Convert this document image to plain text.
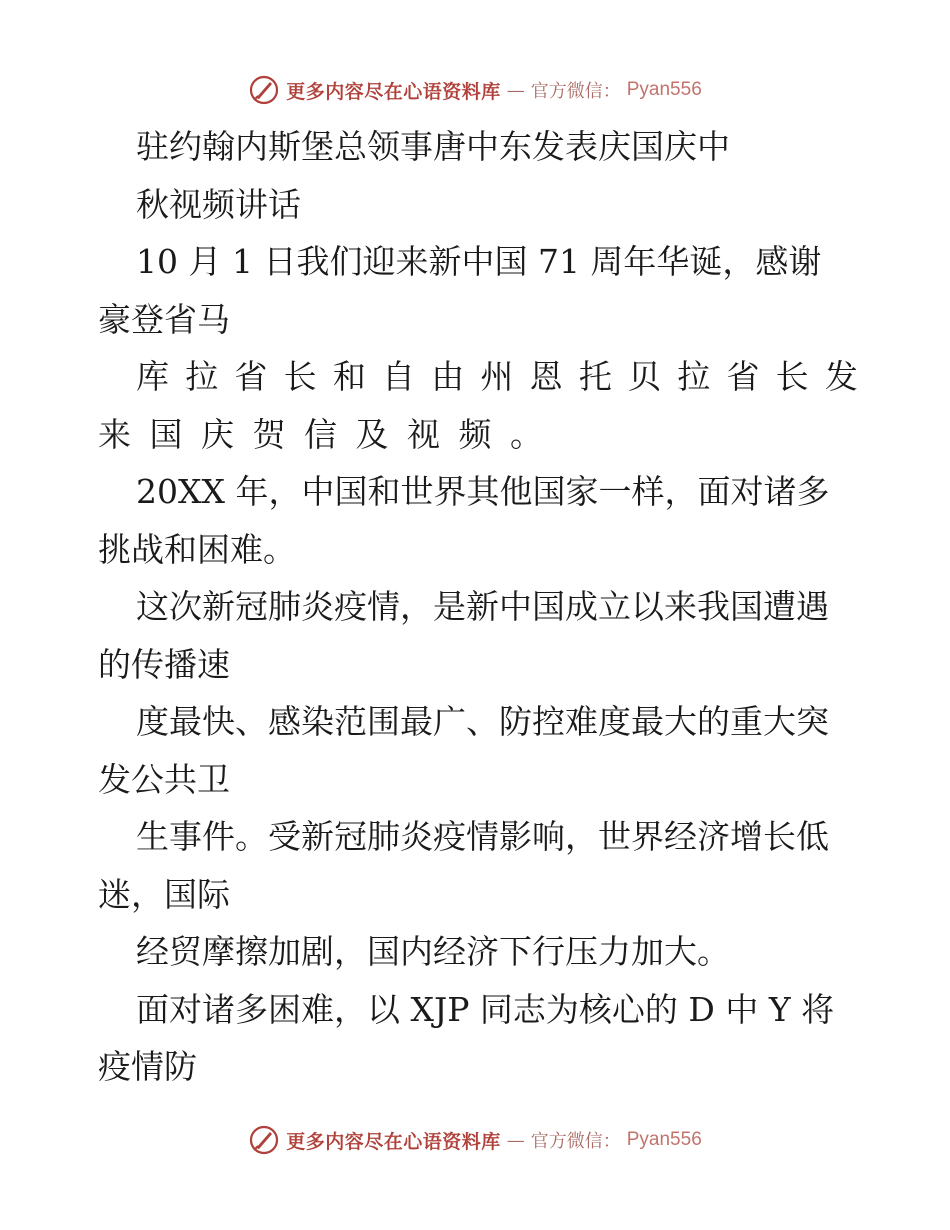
更多内容尽在心语资料库 — 官方微信： Pyan556

驻约翰内斯堡总领事唐中东发表庆国庆中

秋视频讲话

10 月 1 日我们迎来新中国 71 周年华诞，感谢

豪登省马

库 拉 省 长 和 自 由 州 恩 托 贝 拉 省 长 发

来 国 庆 贺 信 及 视 频 。

20XX 年，中国和世界其他国家一样，面对诸多

挑战和困难。

这次新冠肺炎疫情，是新中国成立以来我国遭遇

的传播速

度最快、感染范围最广、防控难度最大的重大突

发公共卫

生事件。受新冠肺炎疫情影响，世界经济增长低

迷，国际

经贸摩擦加剧，国内经济下行压力加大。

面对诸多困难，以 XJP 同志为核心的 D 中 Y 将

疫情防

更多内容尽在心语资料库 — 官方微信： Pyan556
